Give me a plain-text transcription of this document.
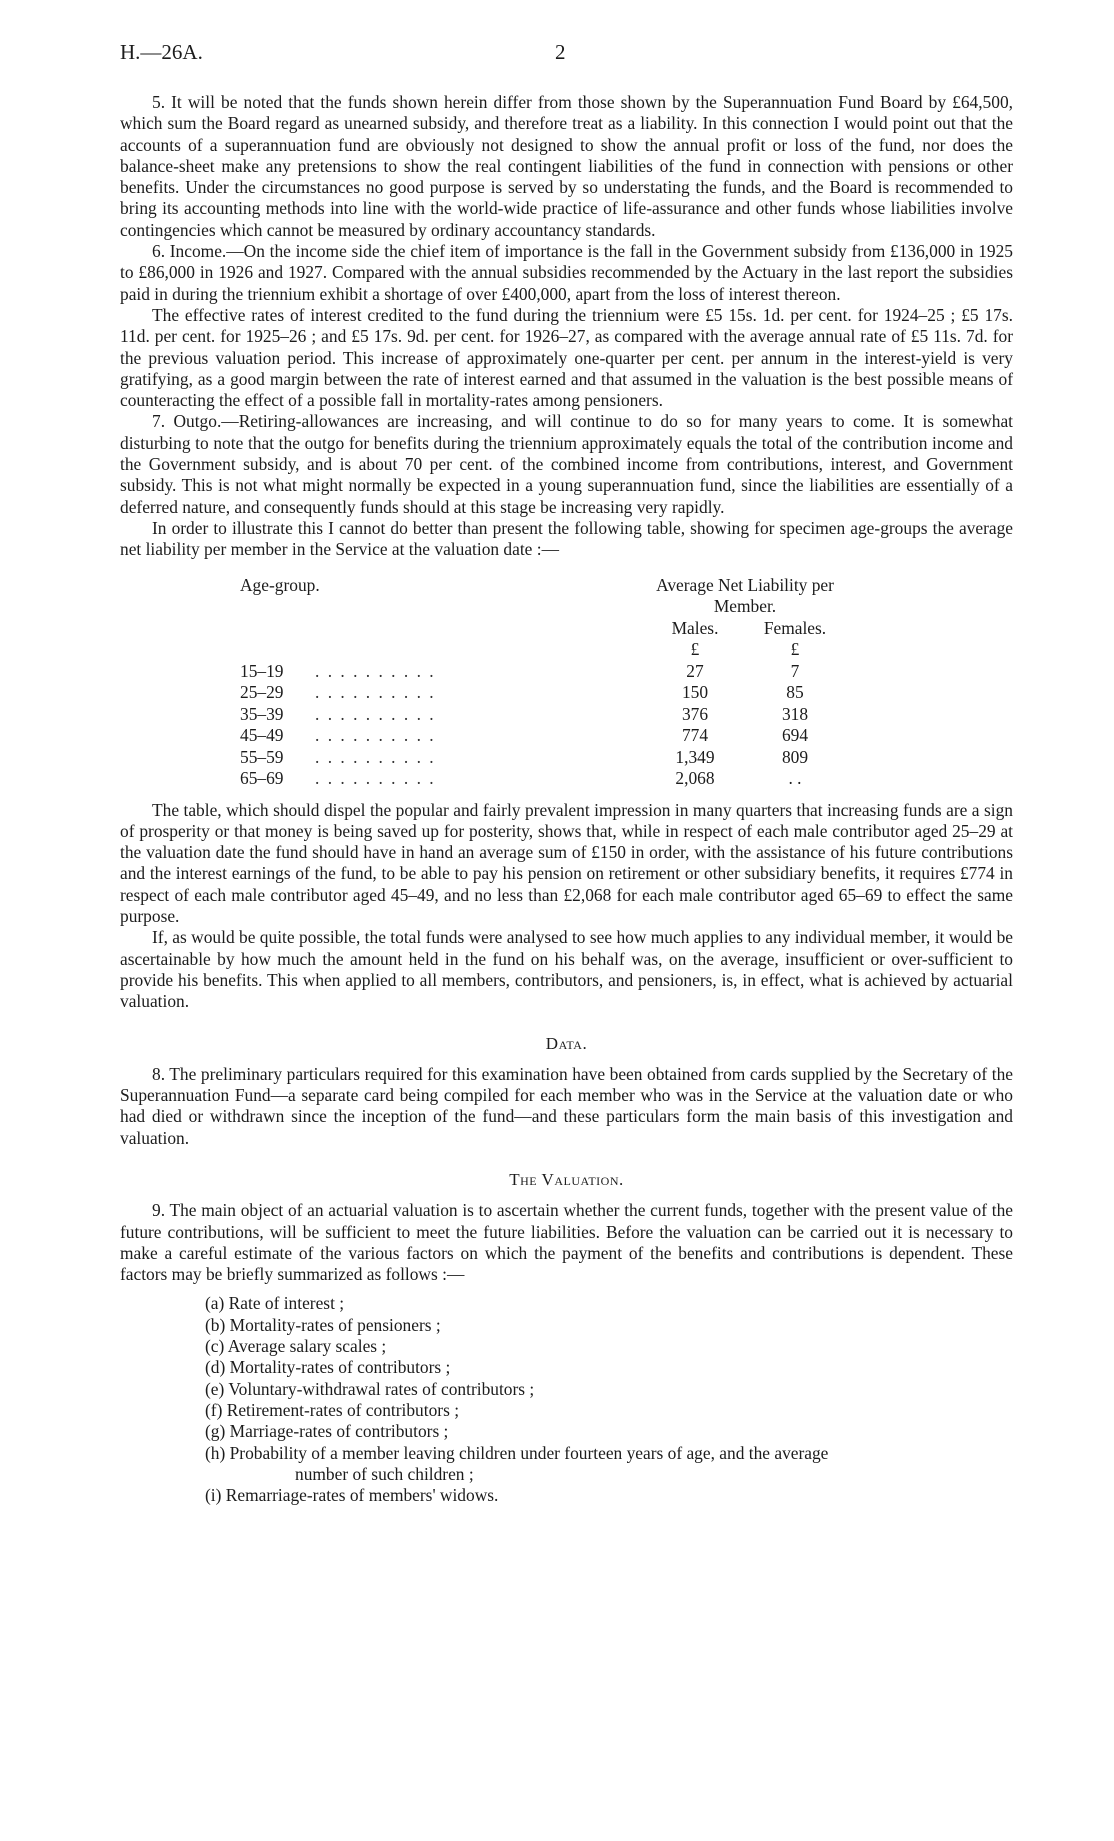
H.—26A.	2

5. It will be noted that the funds shown herein differ from those shown by the Superannuation Fund Board by £64,500, which sum the Board regard as unearned subsidy, and therefore treat as a liability. In this connection I would point out that the accounts of a superannuation fund are obviously not designed to show the annual profit or loss of the fund, nor does the balance-sheet make any pretensions to show the real contingent liabilities of the fund in connection with pensions or other benefits. Under the circumstances no good purpose is served by so understating the funds, and the Board is recommended to bring its accounting methods into line with the world-wide practice of life-assurance and other funds whose liabilities involve contingencies which cannot be measured by ordinary accountancy standards.

6. Income.—On the income side the chief item of importance is the fall in the Government subsidy from £136,000 in 1925 to £86,000 in 1926 and 1927. Compared with the annual subsidies recommended by the Actuary in the last report the subsidies paid in during the triennium exhibit a shortage of over £400,000, apart from the loss of interest thereon.

The effective rates of interest credited to the fund during the triennium were £5 15s. 1d. per cent. for 1924–25 ; £5 17s. 11d. per cent. for 1925–26 ; and £5 17s. 9d. per cent. for 1926–27, as compared with the average annual rate of £5 11s. 7d. for the previous valuation period. This increase of approximately one-quarter per cent. per annum in the interest-yield is very gratifying, as a good margin between the rate of interest earned and that assumed in the valuation is the best possible means of counteracting the effect of a possible fall in mortality-rates among pensioners.

7. Outgo.—Retiring-allowances are increasing, and will continue to do so for many years to come. It is somewhat disturbing to note that the outgo for benefits during the triennium approximately equals the total of the contribution income and the Government subsidy, and is about 70 per cent. of the combined income from contributions, interest, and Government subsidy. This is not what might normally be expected in a young superannuation fund, since the liabilities are essentially of a deferred nature, and consequently funds should at this stage be increasing very rapidly.

In order to illustrate this I cannot do better than present the following table, showing for specimen age-groups the average net liability per member in the Service at the valuation date :—

Age-group.		Average Net Liability per Member.	
		Males.	Females.
		£	£
15–19	. . . . . . . . . .	27	7
25–29	. . . . . . . . . .	150	85
35–39	. . . . . . . . . .	376	318
45–49	. . . . . . . . . .	774	694
55–59	. . . . . . . . . .	1,349	809
65–69	. . . . . . . . . .	2,068	. .

The table, which should dispel the popular and fairly prevalent impression in many quarters that increasing funds are a sign of prosperity or that money is being saved up for posterity, shows that, while in respect of each male contributor aged 25–29 at the valuation date the fund should have in hand an average sum of £150 in order, with the assistance of his future contributions and the interest earnings of the fund, to be able to pay his pension on retirement or other subsidiary benefits, it requires £774 in respect of each male contributor aged 45–49, and no less than £2,068 for each male contributor aged 65–69 to effect the same purpose.

If, as would be quite possible, the total funds were analysed to see how much applies to any individual member, it would be ascertainable by how much the amount held in the fund on his behalf was, on the average, insufficient or over-sufficient to provide his benefits. This when applied to all members, contributors, and pensioners, is, in effect, what is achieved by actuarial valuation.

Data.

8. The preliminary particulars required for this examination have been obtained from cards supplied by the Secretary of the Superannuation Fund—a separate card being compiled for each member who was in the Service at the valuation date or who had died or withdrawn since the inception of the fund—and these particulars form the main basis of this investigation and valuation.

The Valuation.

9. The main object of an actuarial valuation is to ascertain whether the current funds, together with the present value of the future contributions, will be sufficient to meet the future liabilities. Before the valuation can be carried out it is necessary to make a careful estimate of the various factors on which the payment of the benefits and contributions is dependent. These factors may be briefly summarized as follows :—

(a) Rate of interest ;
(b) Mortality-rates of pensioners ;
(c) Average salary scales ;
(d) Mortality-rates of contributors ;
(e) Voluntary-withdrawal rates of contributors ;
(f) Retirement-rates of contributors ;
(g) Marriage-rates of contributors ;
(h) Probability of a member leaving children under fourteen years of age, and the average
number of such children ;
(i) Remarriage-rates of members' widows.
